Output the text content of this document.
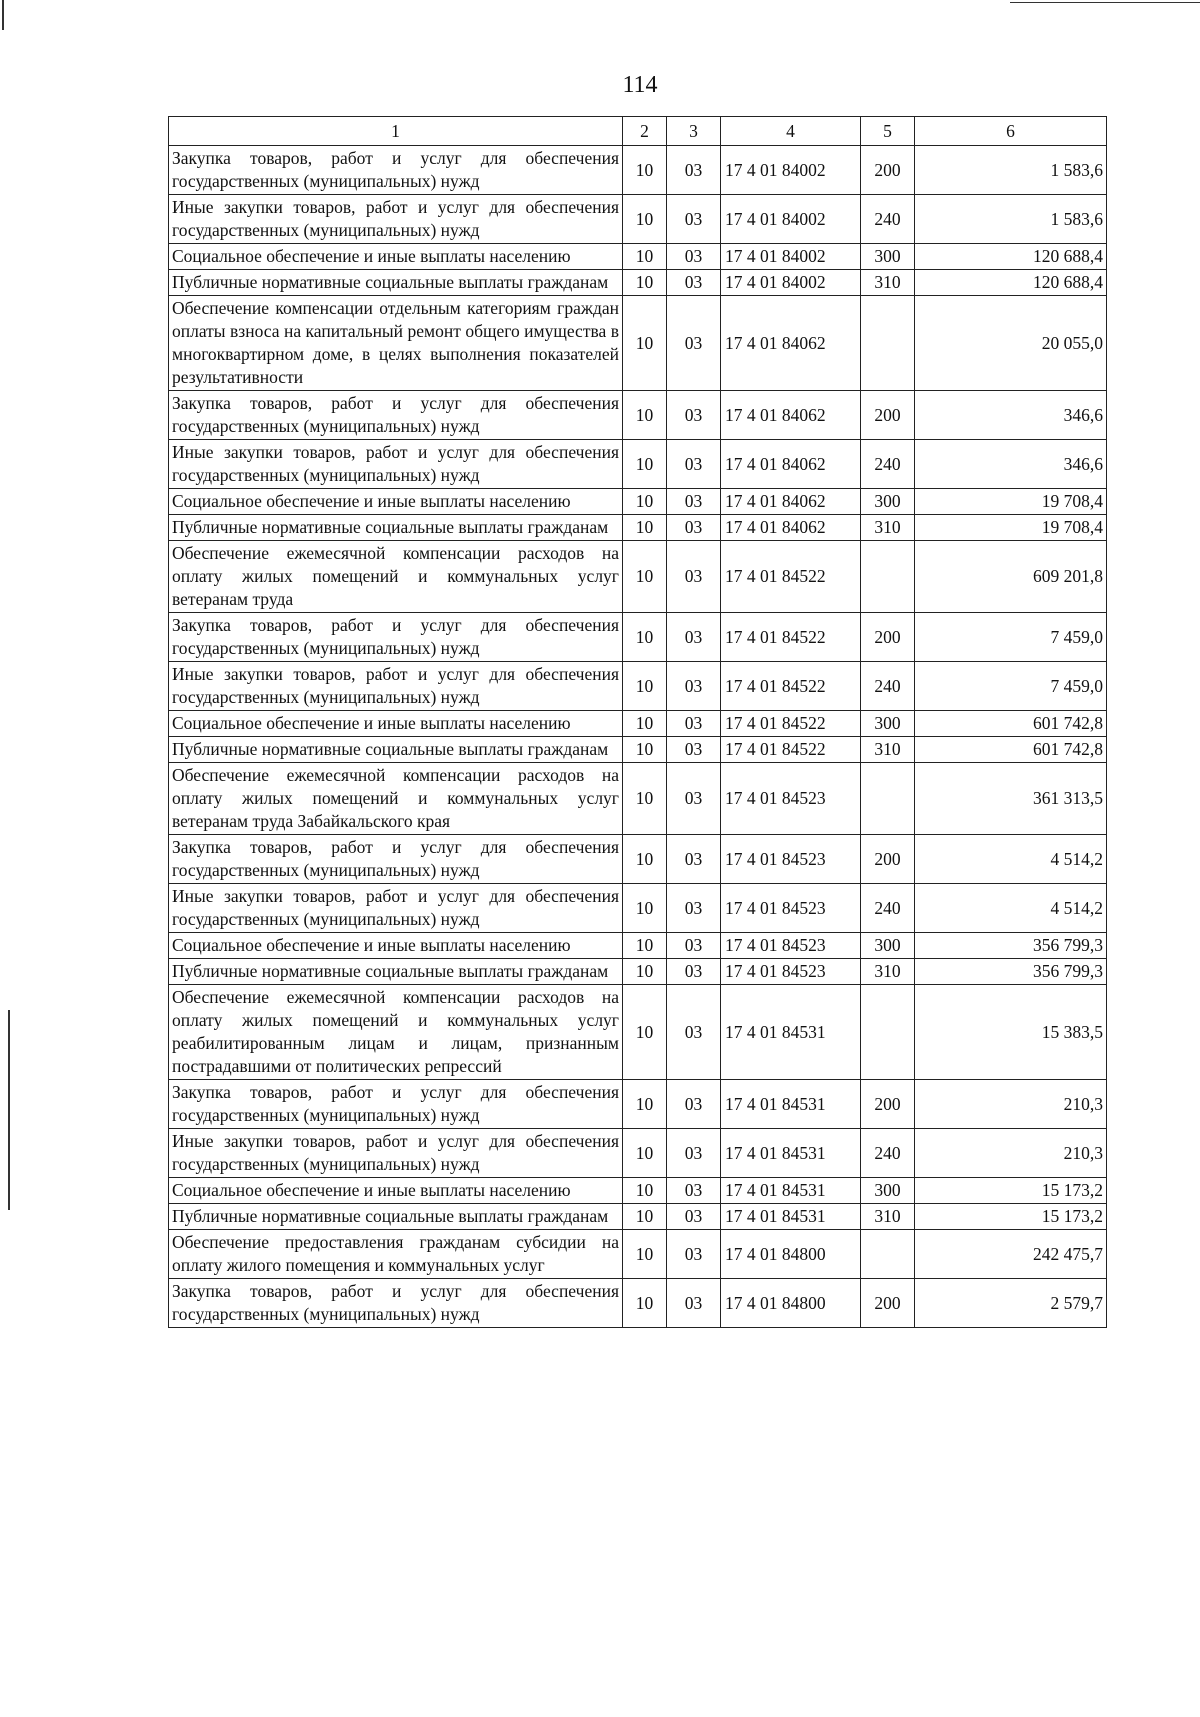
114
1	2	3	4	5	6
Закупка товаров, работ и услуг для обеспечения государственных (муниципальных) нужд	10	03	17 4 01 84002	200	1 583,6
Иные закупки товаров, работ и услуг для обеспечения государственных (муниципальных) нужд	10	03	17 4 01 84002	240	1 583,6
Социальное обеспечение и иные выплаты населению	10	03	17 4 01 84002	300	120 688,4
Публичные нормативные социальные выплаты гражданам	10	03	17 4 01 84002	310	120 688,4
Обеспечение компенсации отдельным категориям граждан оплаты взноса на капитальный ремонт общего имущества в многоквартирном доме, в целях выполнения показателей результативности	10	03	17 4 01 84062		20 055,0
Закупка товаров, работ и услуг для обеспечения государственных (муниципальных) нужд	10	03	17 4 01 84062	200	346,6
Иные закупки товаров, работ и услуг для обеспечения государственных (муниципальных) нужд	10	03	17 4 01 84062	240	346,6
Социальное обеспечение и иные выплаты населению	10	03	17 4 01 84062	300	19 708,4
Публичные нормативные социальные выплаты гражданам	10	03	17 4 01 84062	310	19 708,4
Обеспечение ежемесячной компенсации расходов на оплату жилых помещений и коммунальных услуг ветеранам труда	10	03	17 4 01 84522		609 201,8
Закупка товаров, работ и услуг для обеспечения государственных (муниципальных) нужд	10	03	17 4 01 84522	200	7 459,0
Иные закупки товаров, работ и услуг для обеспечения государственных (муниципальных) нужд	10	03	17 4 01 84522	240	7 459,0
Социальное обеспечение и иные выплаты населению	10	03	17 4 01 84522	300	601 742,8
Публичные нормативные социальные выплаты гражданам	10	03	17 4 01 84522	310	601 742,8
Обеспечение ежемесячной компенсации расходов на оплату жилых помещений и коммунальных услуг ветеранам труда Забайкальского края	10	03	17 4 01 84523		361 313,5
Закупка товаров, работ и услуг для обеспечения государственных (муниципальных) нужд	10	03	17 4 01 84523	200	4 514,2
Иные закупки товаров, работ и услуг для обеспечения государственных (муниципальных) нужд	10	03	17 4 01 84523	240	4 514,2
Социальное обеспечение и иные выплаты населению	10	03	17 4 01 84523	300	356 799,3
Публичные нормативные социальные выплаты гражданам	10	03	17 4 01 84523	310	356 799,3
Обеспечение ежемесячной компенсации расходов на оплату жилых помещений и коммунальных услуг реабилитированным лицам и лицам, признанным пострадавшими от политических репрессий	10	03	17 4 01 84531		15 383,5
Закупка товаров, работ и услуг для обеспечения государственных (муниципальных) нужд	10	03	17 4 01 84531	200	210,3
Иные закупки товаров, работ и услуг для обеспечения государственных (муниципальных) нужд	10	03	17 4 01 84531	240	210,3
Социальное обеспечение и иные выплаты населению	10	03	17 4 01 84531	300	15 173,2
Публичные нормативные социальные выплаты гражданам	10	03	17 4 01 84531	310	15 173,2
Обеспечение предоставления гражданам субсидии на оплату жилого помещения и коммунальных услуг	10	03	17 4 01 84800		242 475,7
Закупка товаров, работ и услуг для обеспечения государственных (муниципальных) нужд	10	03	17 4 01 84800	200	2 579,7
